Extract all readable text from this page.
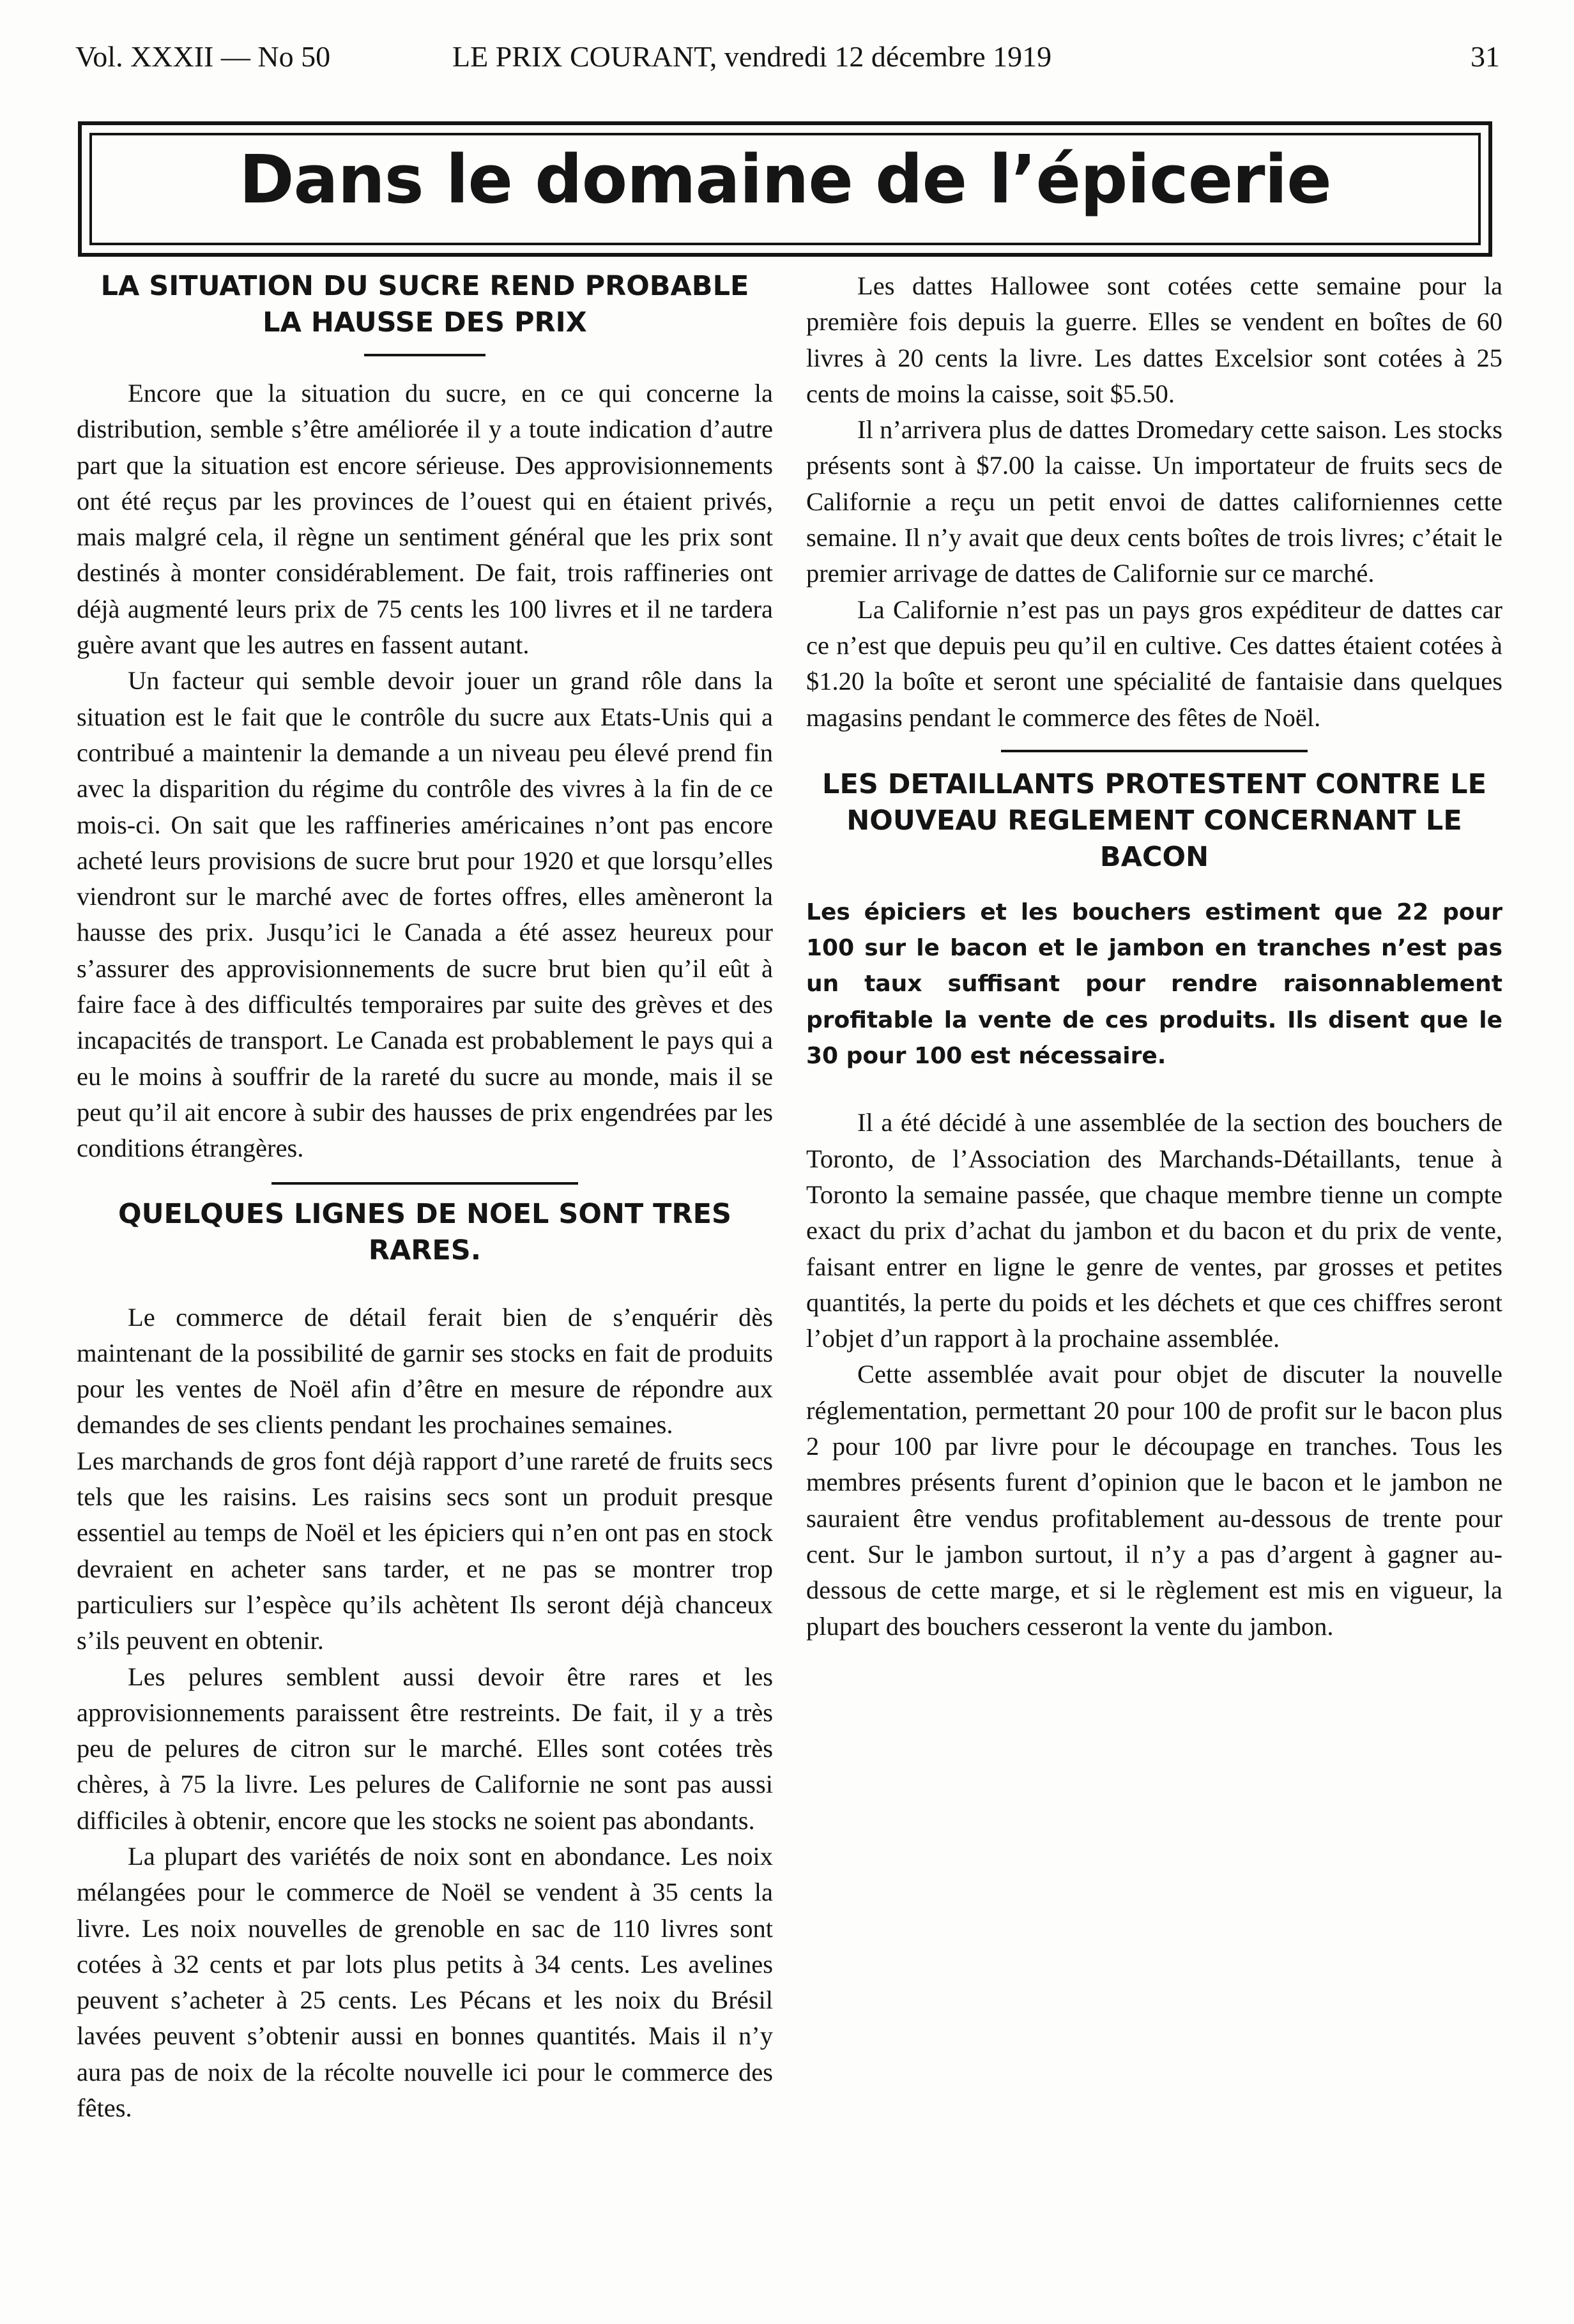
Vol. XXXII — No 50	LE PRIX COURANT, vendredi 12 décembre 1919	31
Dans le domaine de l’épicerie
LA SITUATION DU SUCRE REND PROBABLE LA HAUSSE DES PRIX

Encore que la situation du sucre, en ce qui concerne la distribution, semble s’être améliorée il y a toute indication d’autre part que la situation est encore sérieuse. Des approvisionnements ont été reçus par les provinces de l’ouest qui en étaient privés, mais malgré cela, il règne un sentiment général que les prix sont destinés à monter considérablement. De fait, trois raffineries ont déjà augmenté leurs prix de 75 cents les 100 livres et il ne tardera guère avant que les autres en fassent autant.

Un facteur qui semble devoir jouer un grand rôle dans la situation est le fait que le contrôle du sucre aux Etats-Unis qui a contribué a maintenir la demande a un niveau peu élevé prend fin avec la disparition du régime du contrôle des vivres à la fin de ce mois-ci. On sait que les raffineries américaines n’ont pas encore acheté leurs provisions de sucre brut pour 1920 et que lorsqu’elles viendront sur le marché avec de fortes offres, elles amèneront la hausse des prix. Jusqu’ici le Canada a été assez heureux pour s’assurer des approvisionnements de sucre brut bien qu’il eût à faire face à des difficultés temporaires par suite des grèves et des incapacités de transport. Le Canada est probablement le pays qui a eu le moins à souffrir de la rareté du sucre au monde, mais il se peut qu’il ait encore à subir des hausses de prix engendrées par les conditions étrangères.

QUELQUES LIGNES DE NOEL SONT TRES RARES.

Le commerce de détail ferait bien de s’enquérir dès maintenant de la possibilité de garnir ses stocks en fait de produits pour les ventes de Noël afin d’être en mesure de répondre aux demandes de ses clients pendant les prochaines semaines.

Les marchands de gros font déjà rapport d’une rareté de fruits secs tels que les raisins. Les raisins secs sont un produit presque essentiel au temps de Noël et les épiciers qui n’en ont pas en stock devraient en acheter sans tarder, et ne pas se montrer trop particuliers sur l’espèce qu’ils achètent Ils seront déjà chanceux s’ils peuvent en obtenir.

Les pelures semblent aussi devoir être rares et les approvisionnements paraissent être restreints. De fait, il y a très peu de pelures de citron sur le marché. Elles sont cotées très chères, à 75 la livre. Les pelures de Californie ne sont pas aussi difficiles à obtenir, encore que les stocks ne soient pas abondants.

La plupart des variétés de noix sont en abondance. Les noix mélangées pour le commerce de Noël se vendent à 35 cents la livre. Les noix nouvelles de grenoble en sac de 110 livres sont cotées à 32 cents et par lots plus petits à 34 cents. Les avelines peuvent s’acheter à 25 cents. Les Pécans et les noix du Brésil lavées peuvent s’obtenir aussi en bonnes quantités. Mais il n’y aura pas de noix de la récolte nouvelle ici pour le commerce des fêtes.

Les dattes Hallowee sont cotées cette semaine pour la première fois depuis la guerre. Elles se vendent en boîtes de 60 livres à 20 cents la livre. Les dattes Excelsior sont cotées à 25 cents de moins la caisse, soit $5.50.

Il n’arrivera plus de dattes Dromedary cette saison. Les stocks présents sont à $7.00 la caisse. Un importateur de fruits secs de Californie a reçu un petit envoi de dattes californiennes cette semaine. Il n’y avait que deux cents boîtes de trois livres; c’était le premier arrivage de dattes de Californie sur ce marché.

La Californie n’est pas un pays gros expéditeur de dattes car ce n’est que depuis peu qu’il en cultive. Ces dattes étaient cotées à $1.20 la boîte et seront une spécialité de fantaisie dans quelques magasins pendant le commerce des fêtes de Noël.

LES DETAILLANTS PROTESTENT CONTRE LE NOUVEAU REGLEMENT CONCERNANT LE BACON

Les épiciers et les bouchers estiment que 22 pour 100 sur le bacon et le jambon en tranches n’est pas un taux suffisant pour rendre raisonnablement profitable la vente de ces produits. Ils disent que le 30 pour 100 est nécessaire.

Il a été décidé à une assemblée de la section des bouchers de Toronto, de l’Association des Marchands-Détaillants, tenue à Toronto la semaine passée, que chaque membre tienne un compte exact du prix d’achat du jambon et du bacon et du prix de vente, faisant entrer en ligne le genre de ventes, par grosses et petites quantités, la perte du poids et les déchets et que ces chiffres seront l’objet d’un rapport à la prochaine assemblée.

Cette assemblée avait pour objet de discuter la nouvelle réglementation, permettant 20 pour 100 de profit sur le bacon plus 2 pour 100 par livre pour le découpage en tranches. Tous les membres présents furent d’opinion que le bacon et le jambon ne sauraient être vendus profitablement au-dessous de trente pour cent. Sur le jambon surtout, il n’y a pas d’argent à gagner au-dessous de cette marge, et si le règlement est mis en vigueur, la plupart des bouchers cesseront la vente du jambon.
